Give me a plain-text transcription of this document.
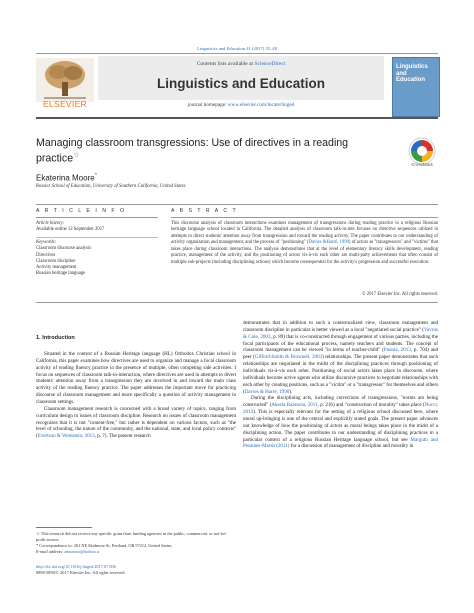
Linguistics and Education 41 (2017) 35–48
Contents lists available at ScienceDirect
Linguistics and Education
journal homepage: www.elsevier.com/locate/linged
ELSEVIER
Linguistics and Education
Managing classroom transgressions: Use of directives in a reading practice☆
CrossMark
Ekaterina Moore*
Rossier School of Education, University of Southern California, United States
A R T I C L E I N F O	A B S T R A C T
Article history:
Available online 12 September 2017
Keywords:
Classroom discourse analysis
Directives
Classroom discipline
Activity management
Russian heritage language
This discourse analysis of classroom interactions examines management of transgressions during reading practice in a religious Russian heritage language school located in California. The detailed analysis of classroom talk-in-inte focuses on directive sequences utilized in attempts to direct students' attention away from transgression and toward the reading activity. The paper contributes to our understanding of activity organization and management, and the process of "positioning" (Davies &Harré, 1990) of actors as "transgressors" and "victims" that takes place during classroom interactions. The analysis demonstrates that at the level of elementary literacy skills development, reading practice, management of the activity, and the positioning of actors vis-à-vis each other are multi-party achievements that often consist of multiple sub-projects (including disciplining actions) which become consequential for the activity's progression and successful execution.
© 2017 Elsevier Inc. All rights reserved.
1. Introduction

Situated in the context of a Russian Heritage language (HL) Orthodox Christian school in California, this paper examines how directives are used to organize and manage a focal classroom activity of reading fluency practice in the presence of multiple, often competing side activities. I focus on sequences of classroom talk-in-interaction, where directives are used in attempts to divert students' attention away from a transgression they are involved in and toward the main class activity of the reading fluency practice. The paper addresses the important move for practicing discourse of classroom management and more specifically a question of activity management in classroom settings.

Classroom management research is concerned with a broad variety of topics, ranging from curriculum design to issues of classroom discipline. Research on issues of classroom management recognizes that it is not "content-free," but rather is dependent on various factors, such as "the level of schooling, the nature of the community, and the national, state, and local policy contexts" (Evertson & Weinstein, 2013, p. 7). The present research

demonstrates that in addition to such a contextualized view, classroom management and classroom discipline in particular is better viewed as a local "negotiated social practice" (Vavrus & Cole, 2002, p. 89) that is co-constructed through engagement of various parties, including the focal participants of the educational process, namely teachers and students. The concept of classroom management can be viewed "in terms of teacher-child" (Paonta, 2013, p. 704) and peer (Gifford-Smith & Brownell, 2003) relationships. The present paper demonstrates that such relationships are negotiated in the midst of the disciplining practices through positioning of individuals vis-à-vis each other. Positioning of social actors takes place in discourse, where individuals become active agents who utilize discursive practices to negotiate relationships with each other by creating positions, such as a "victim" or a "transgressor" for themselves and others (Davies & Harré, 1990).

During the disciplining acts, including corrections of transgressions, "norms are being constructed" (Aksela Raaesola, 2011, p. 216) and "construction of morality" takes place (Nucci, 2013). This is especially relevant for the setting of a religious school discussed here, where moral up-bringing is one of the central and explicitly stated goals. The present paper advances our knowledge of how the positioning of actors as moral beings takes place in the midst of a disciplining action. The paper contributes to our understanding of disciplining practices in a particular context of a religious Russian Heritage language school, but see Margutti and Pesaines-Marsh (2011) for a discussion of management of discipline and morality in

☆ This research did not receive any specific grant from funding agencies in the public, commercial, or not-for-profit sectors.
* Correspondence to: 201 NE Skidmore St, Portland, OR 97212, United States.
E-mail address: ansumoo@hotbox.u
http://dx.doi.org/10.1016/j.linged.2017.07.006
0898-5898/© 2017 Elsevier Inc. All rights reserved.
